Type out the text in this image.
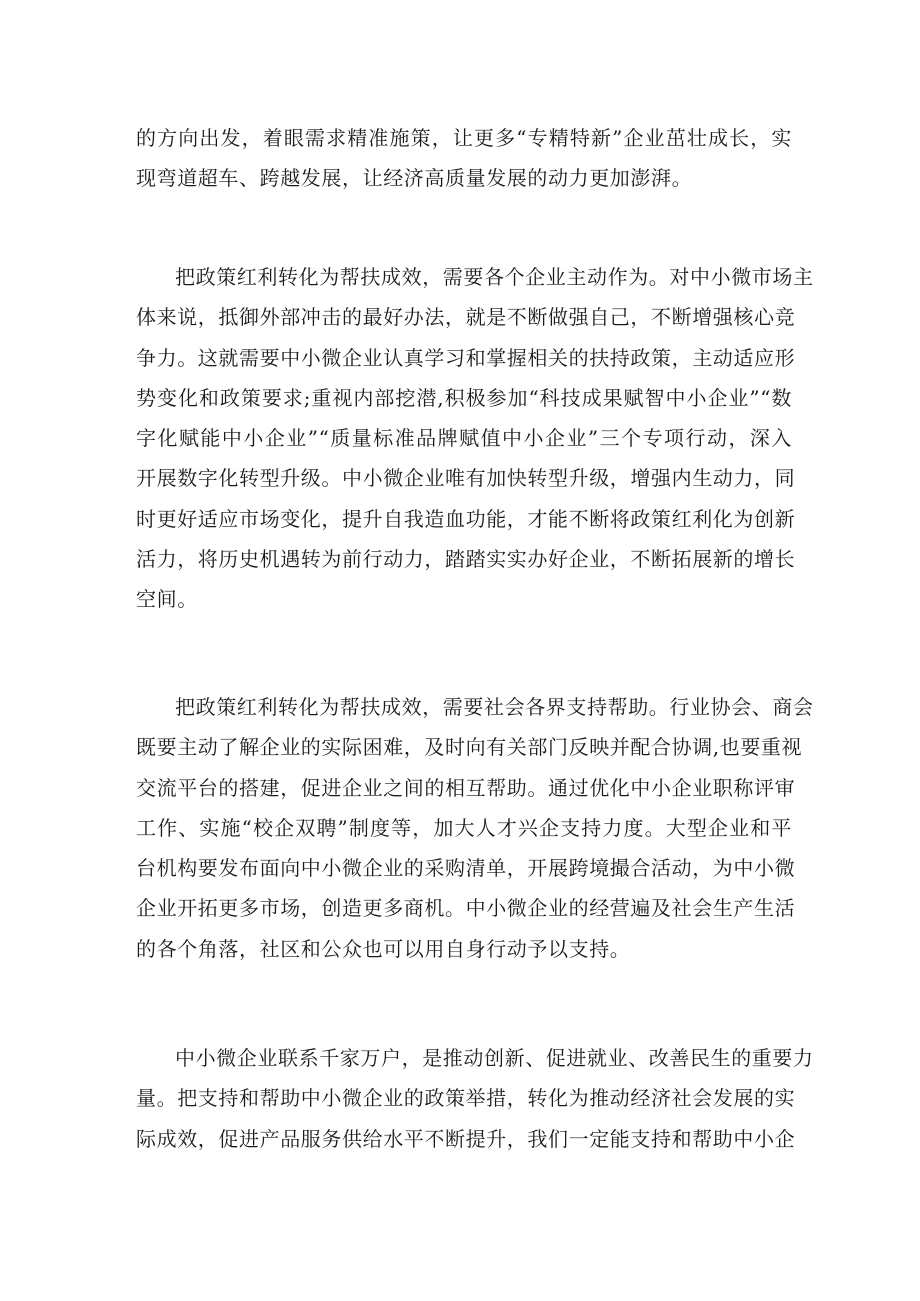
的方向出发，着眼需求精准施策，让更多“专精特新”企业茁壮成长，实
现弯道超车、跨越发展，让经济高质量发展的动力更加澎湃。
把政策红利转化为帮扶成效，需要各个企业主动作为。对中小微市场主
体来说，抵御外部冲击的最好办法，就是不断做强自己，不断增强核心竞
争力。这就需要中小微企业认真学习和掌握相关的扶持政策，主动适应形
势变化和政策要求;重视内部挖潜,积极参加“科技成果赋智中小企业”“数
字化赋能中小企业”“质量标准品牌赋值中小企业”三个专项行动，深入
开展数字化转型升级。中小微企业唯有加快转型升级，增强内生动力，同
时更好适应市场变化，提升自我造血功能，才能不断将政策红利化为创新
活力，将历史机遇转为前行动力，踏踏实实办好企业，不断拓展新的增长
空间。
把政策红利转化为帮扶成效，需要社会各界支持帮助。行业协会、商会
既要主动了解企业的实际困难，及时向有关部门反映并配合协调,也要重视
交流平台的搭建，促进企业之间的相互帮助。通过优化中小企业职称评审
工作、实施“校企双聘”制度等，加大人才兴企支持力度。大型企业和平
台机构要发布面向中小微企业的采购清单，开展跨境撮合活动，为中小微
企业开拓更多市场，创造更多商机。中小微企业的经营遍及社会生产生活
的各个角落，社区和公众也可以用自身行动予以支持。
中小微企业联系千家万户，是推动创新、促进就业、改善民生的重要力
量。把支持和帮助中小微企业的政策举措，转化为推动经济社会发展的实
际成效，促进产品服务供给水平不断提升，我们一定能支持和帮助中小企
